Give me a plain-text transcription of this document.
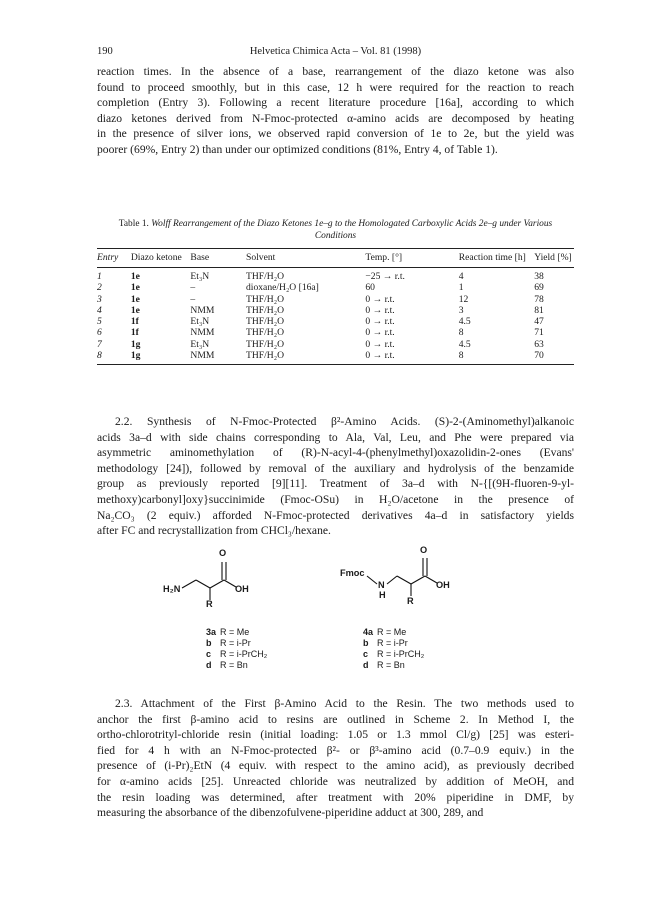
190	Helvetica Chimica Acta – Vol. 81 (1998)

reaction times. In the absence of a base, rearrangement of the diazo ketone was also
found to proceed smoothly, but in this case, 12 h were required for the reaction to reach
completion (Entry 3). Following a recent literature procedure [16a], according to which
diazo ketones derived from N-Fmoc-protected α-amino acids are decomposed by heating
in the presence of silver ions, we observed rapid conversion of 1e to 2e, but the yield was
poorer (69%, Entry 2) than under our optimized conditions (81%, Entry 4, of Table 1).

Table 1. Wolff Rearrangement of the Diazo Ketones 1e–g to the Homologated Carboxylic Acids 2e–g under Various
Conditions
Entry	Diazo ketone	Base	Solvent	Temp. [°]	Reaction time [h]	Yield [%]
1	1e	Et₃N	THF/H₂O	−25 → r.t.	4	38
2	1e	–	dioxane/H₂O [16a]	60	1	69
3	1e	–	THF/H₂O	0 → r.t.	12	78
4	1e	NMM	THF/H₂O	0 → r.t.	3	81
5	1f	Et₃N	THF/H₂O	0 → r.t.	4.5	47
6	1f	NMM	THF/H₂O	0 → r.t.	8	71
7	1g	Et₃N	THF/H₂O	0 → r.t.	4.5	63
8	1g	NMM	THF/H₂O	0 → r.t.	8	70

2.2. Synthesis of N-Fmoc-Protected β²-Amino Acids. (S)-2-(Aminomethyl)alkanoic
acids 3a–d with side chains corresponding to Ala, Val, Leu, and Phe were prepared via
asymmetric aminomethylation of (R)-N-acyl-4-(phenylmethyl)oxazolidin-2-ones (Evans'
methodology [24]), followed by removal of the auxiliary and hydrolysis of the benzamide
group as previously reported [9][11]. Treatment of 3a–d with N-{[(9H-fluoren-9-yl-
methoxy)carbonyl]oxy}succinimide (Fmoc-OSu) in H₂O/acetone in the presence of
Na₂CO₃ (2 equiv.) afforded N-Fmoc-protected derivatives 4a–d in satisfactory yields
after FC and recrystallization from CHCl₃/hexane.

O
H₂N	OH
R
O
Fmoc
N
H
OH
R
3a R = Me
b R = i-Pr
c R = i-PrCH₂
d R = Bn
4a R = Me
b R = i-Pr
c R = i-PrCH₂
d R = Bn

2.3. Attachment of the First β-Amino Acid to the Resin. The two methods used to
anchor the first β-amino acid to resins are outlined in Scheme 2. In Method I, the
ortho-chlorotrityl-chloride resin (initial loading: 1.05 or 1.3 mmol Cl/g) [25] was esteri-
fied for 4 h with an N-Fmoc-protected β²- or β³-amino acid (0.7–0.9 equiv.) in the
presence of (i-Pr)₂EtN (4 equiv. with respect to the amino acid), as previously decribed
for α-amino acids [25]. Unreacted chloride was neutralized by addition of MeOH, and
the resin loading was determined, after treatment with 20% piperidine in DMF, by
measuring the absorbance of the dibenzofulvene-piperidine adduct at 300, 289, and
